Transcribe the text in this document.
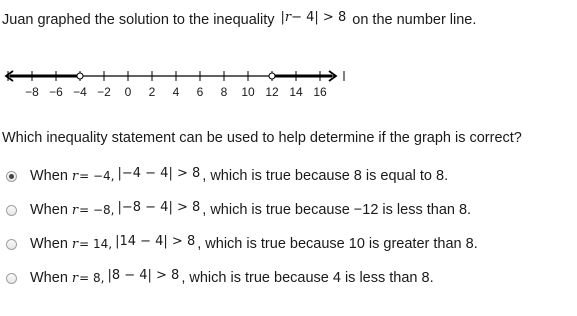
Juan graphed the solution to the inequality |r− 4| > 8 on the number line.
−8 −6 −4 −2 0 2 4 6 8 10 12 14 16
Which inequality statement can be used to help determine if the graph is correct?
When r = −4, |−4 − 4| > 8 , which is true because 8 is equal to 8.
When r = −8, |−8 − 4| > 8 , which is true because −12 is less than 8.
When r = 14, |14 − 4| > 8 , which is true because 10 is greater than 8.
When r = 8, |8 − 4| > 8 , which is true because 4 is less than 8.
